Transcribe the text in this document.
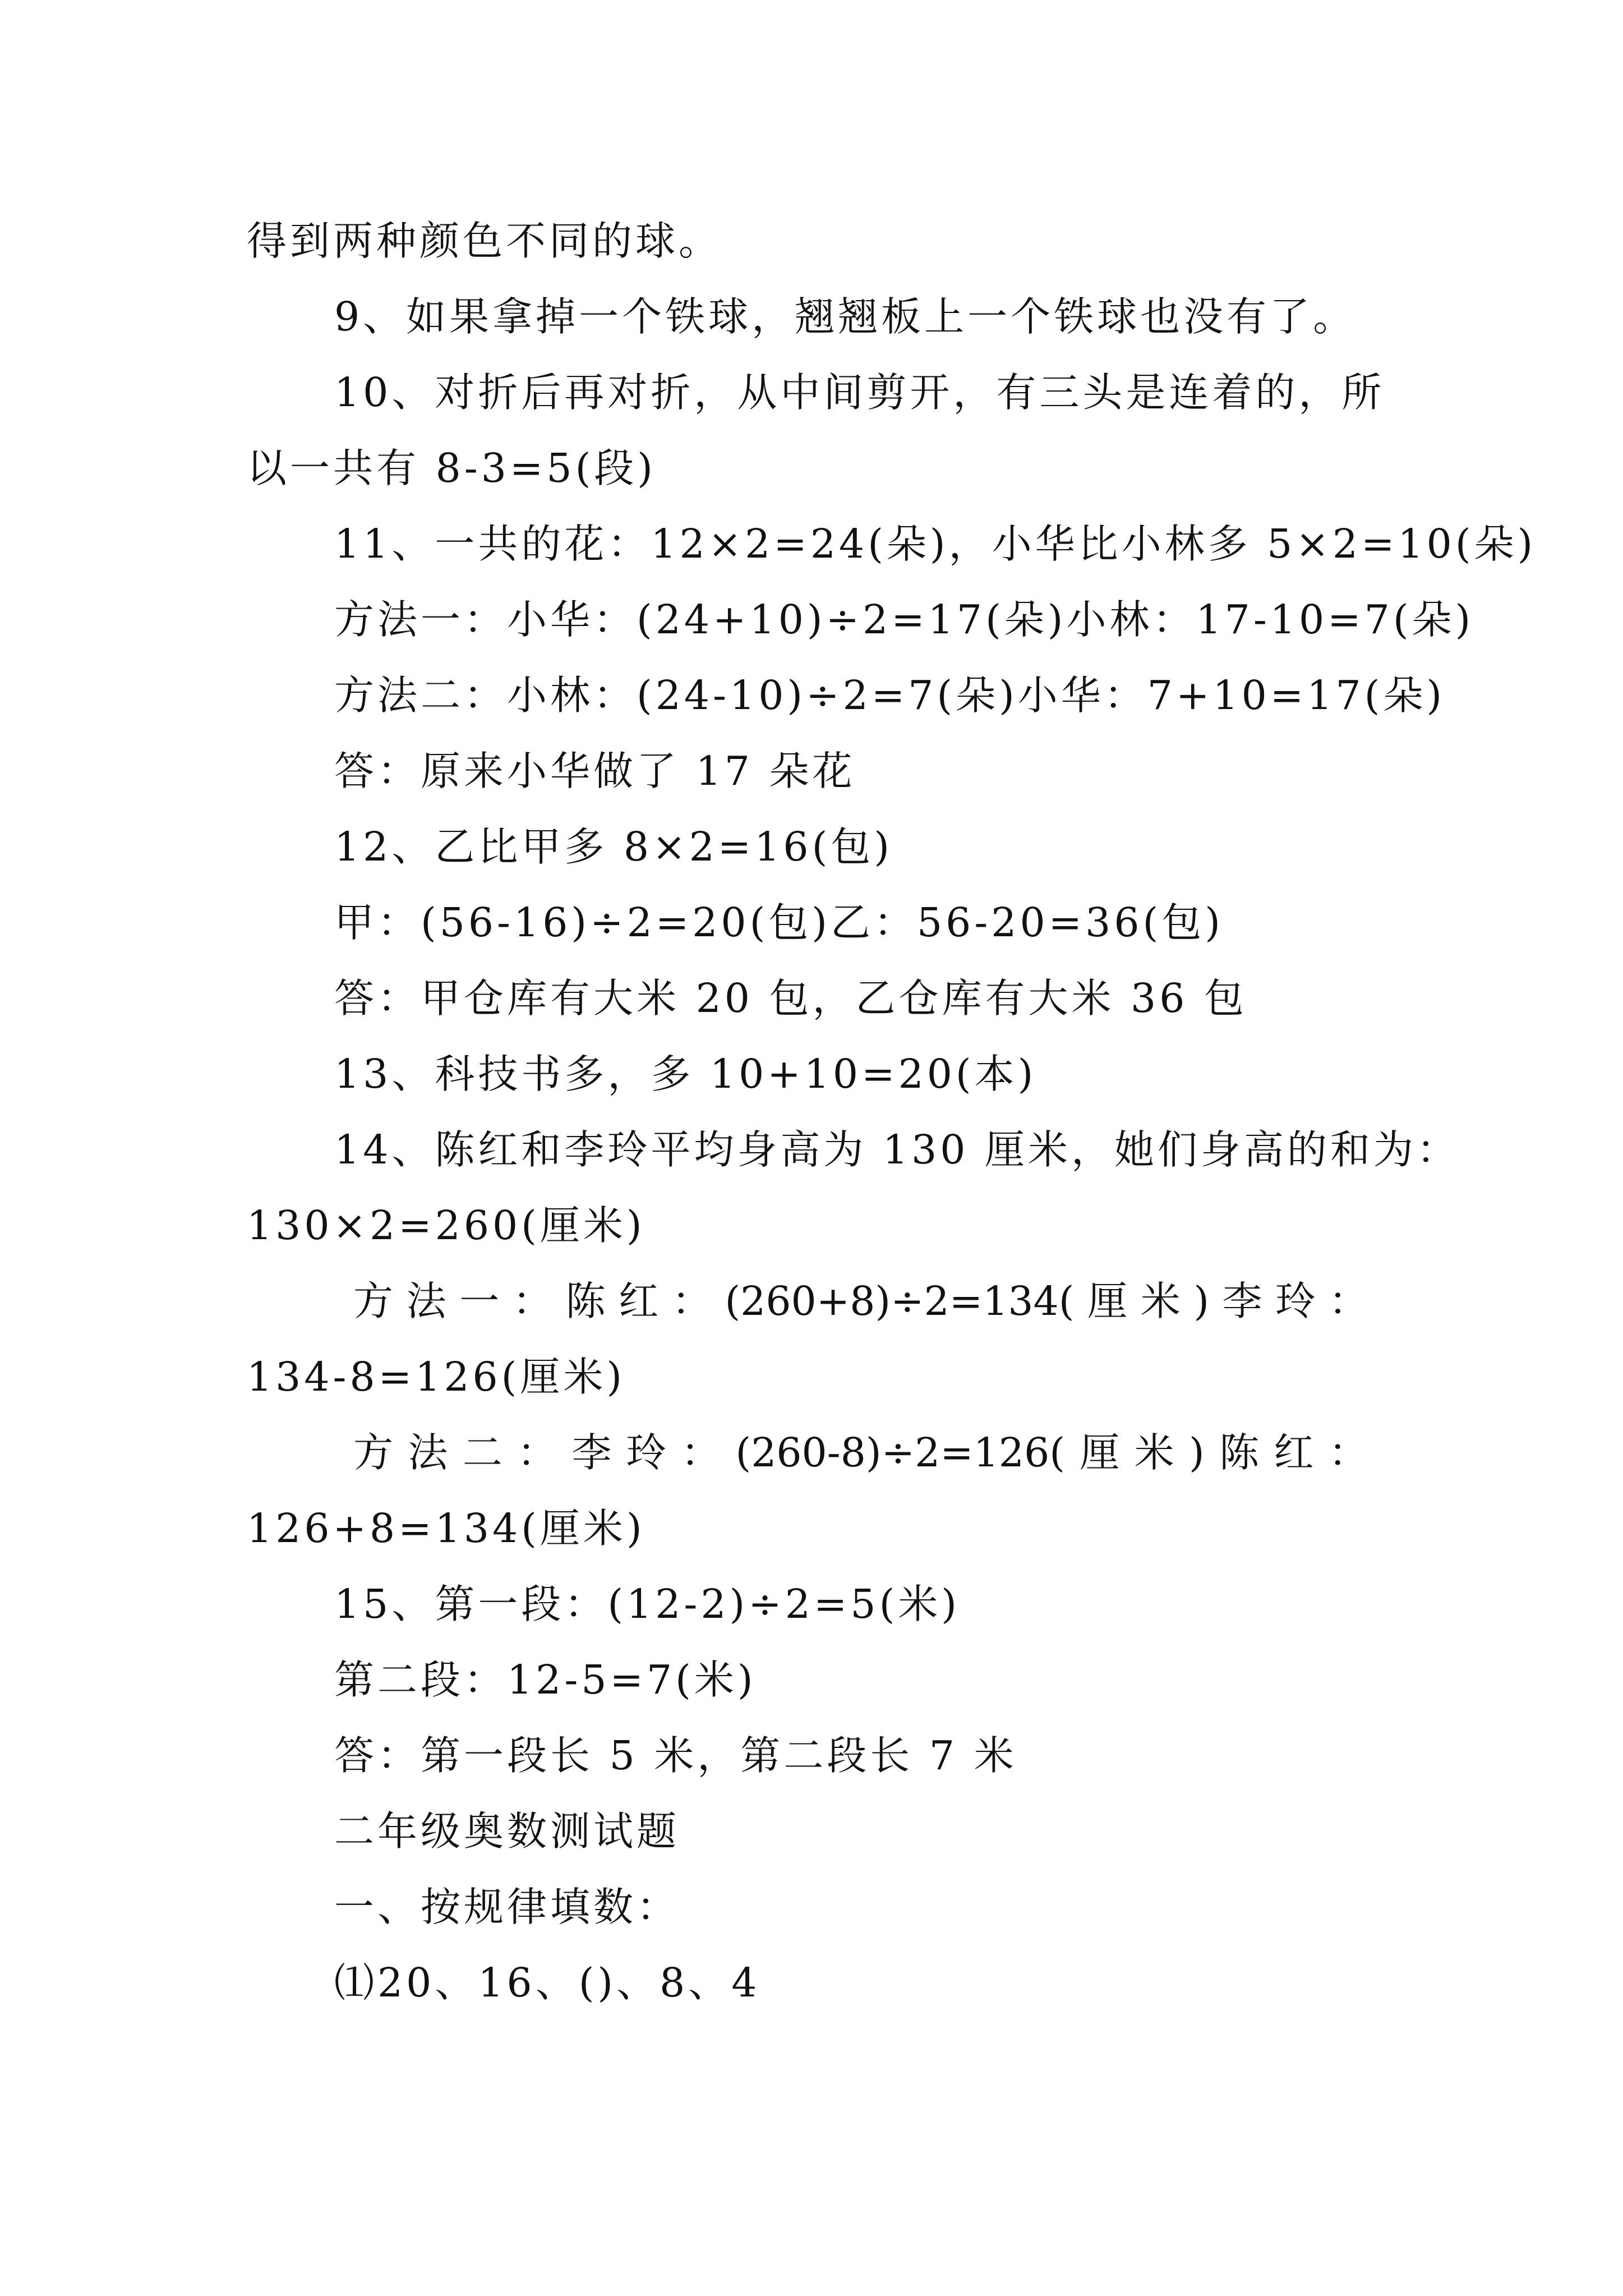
得到两种颜色不同的球。
9、如果拿掉一个铁球，翘翘板上一个铁球也没有了。
10、对折后再对折，从中间剪开，有三头是连着的，所
以一共有 8-3=5(段)
11、一共的花：12×2=24(朵)，小华比小林多 5×2=10(朵)
方法一：小华：(24+10)÷2=17(朵)小林：17-10=7(朵)
方法二：小林：(24-10)÷2=7(朵)小华：7+10=17(朵)
答：原来小华做了 17 朵花
12、乙比甲多 8×2=16(包)
甲：(56-16)÷2=20(包)乙：56-20=36(包)
答：甲仓库有大米 20 包，乙仓库有大米 36 包
13、科技书多，多 10+10=20(本)
14、陈红和李玲平均身高为 130 厘米，她们身高的和为：
130×2=260(厘米)
方 法 一 ： 陈 红 ： (260+8)÷2=134( 厘 米 ) 李 玲 ：
134-8=126(厘米)
方 法 二 ： 李 玲 ： (260-8)÷2=126( 厘 米 ) 陈 红 ：
126+8=134(厘米)
15、第一段：(12-2)÷2=5(米)
第二段：12-5=7(米)
答：第一段长 5 米，第二段长 7 米
二年级奥数测试题
一、按规律填数：
⑴20、16、()、8、4
